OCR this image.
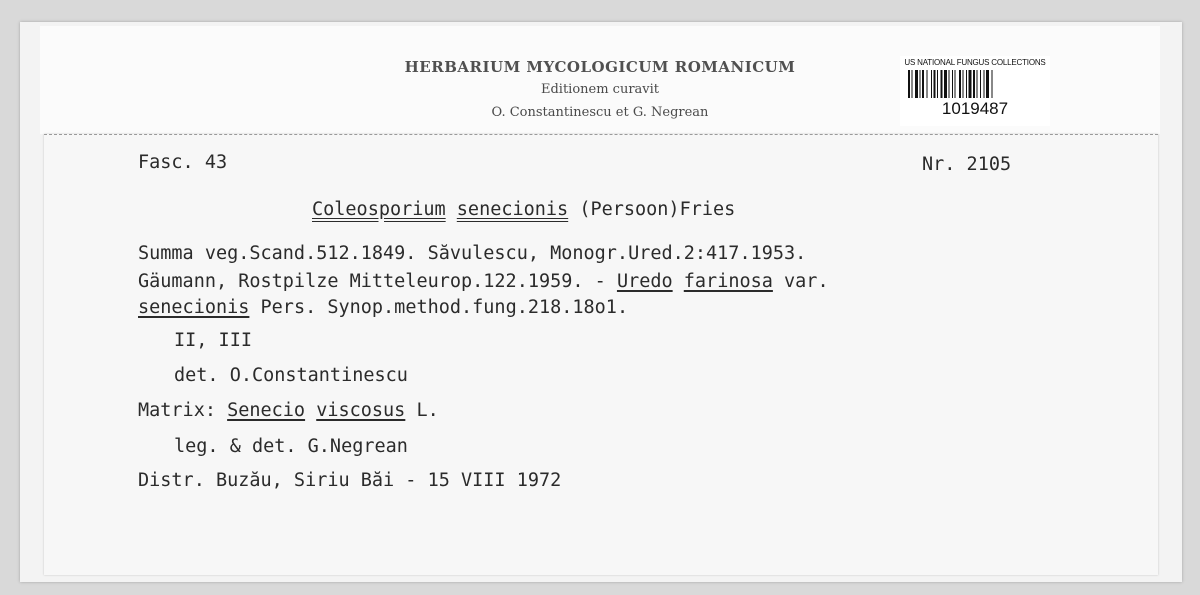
HERBARIUM MYCOLOGICUM ROMANICUM
Editionem curavit
O. Constantinescu et G. Negrean
US NATIONAL FUNGUS COLLECTIONS
1019487
Fasc. 43	Nr. 2105
Coleosporium senecionis (Persoon)Fries
Summa veg.Scand.512.1849. Săvulescu, Monogr.Ured.2:417.1953.
Gäumann, Rostpilze Mitteleurop.122.1959. - Uredo farinosa var.
senecionis Pers. Synop.method.fung.218.18o1.
II, III
det. O.Constantinescu
Matrix: Senecio viscosus L.
leg. & det. G.Negrean
Distr. Buzău, Siriu Băi - 15 VIII 1972
